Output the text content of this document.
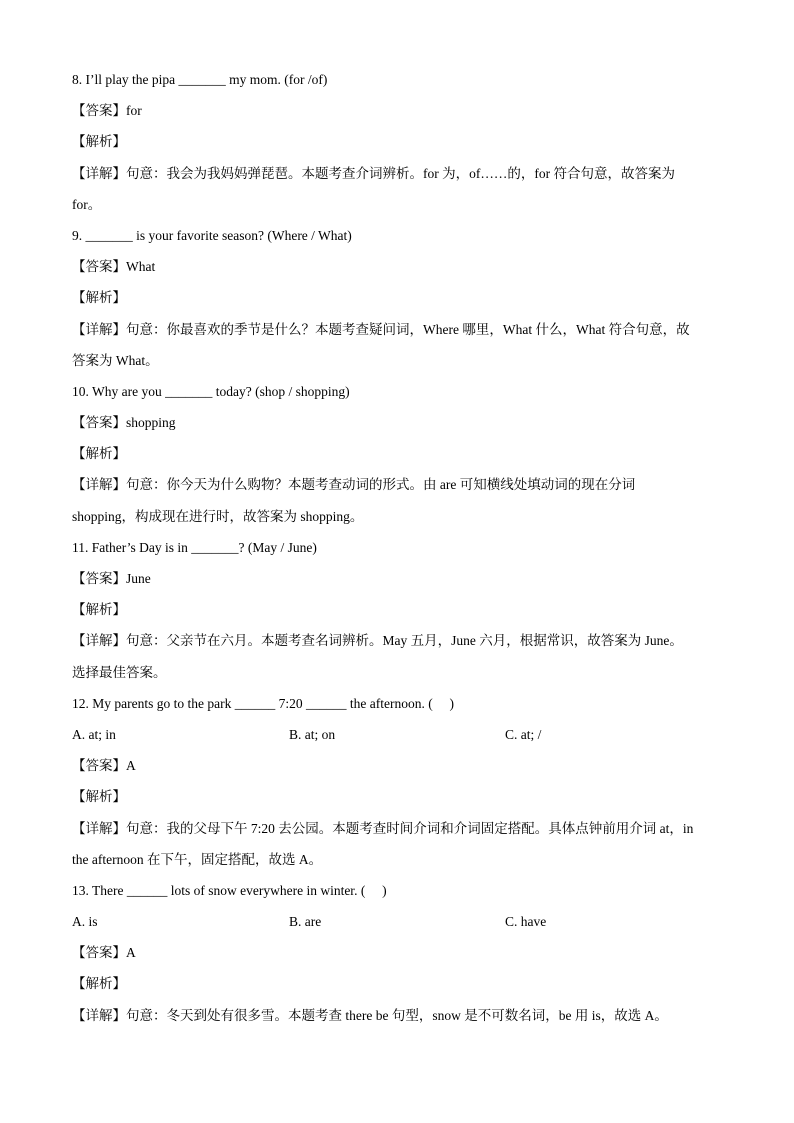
8. I’ll play the pipa _______ my mom. (for /of)
【答案】for
【解析】
【详解】句意：我会为我妈妈弹琵琶。本题考查介词辨析。for 为，of……的，for 符合句意，故答案为
for。
9. _______ is your favorite season? (Where / What)
【答案】What
【解析】
【详解】句意：你最喜欢的季节是什么？本题考查疑问词，Where 哪里，What 什么，What 符合句意，故
答案为 What。
10. Why are you _______ today? (shop / shopping)
【答案】shopping
【解析】
【详解】句意：你今天为什么购物？本题考查动词的形式。由 are 可知横线处填动词的现在分词
shopping，构成现在进行时，故答案为 shopping。
11. Father’s Day is in _______? (May / June)
【答案】June
【解析】
【详解】句意：父亲节在六月。本题考查名词辨析。May 五月，June 六月，根据常识，故答案为 June。
选择最佳答案。
12. My parents go to the park ______ 7:20 ______ the afternoon. (     )

A. at; in

	B. at; on

	C. at; /

【答案】A
【解析】
【详解】句意：我的父母下午 7:20 去公园。本题考查时间介词和介词固定搭配。具体点钟前用介词 at，in
the afternoon 在下午，固定搭配，故选 A。
13. There ______ lots of snow everywhere in winter. (     )

A. is

	B. are

	C. have

【答案】A
【解析】
【详解】句意：冬天到处有很多雪。本题考查 there be 句型，snow 是不可数名词，be 用 is，故选 A。
